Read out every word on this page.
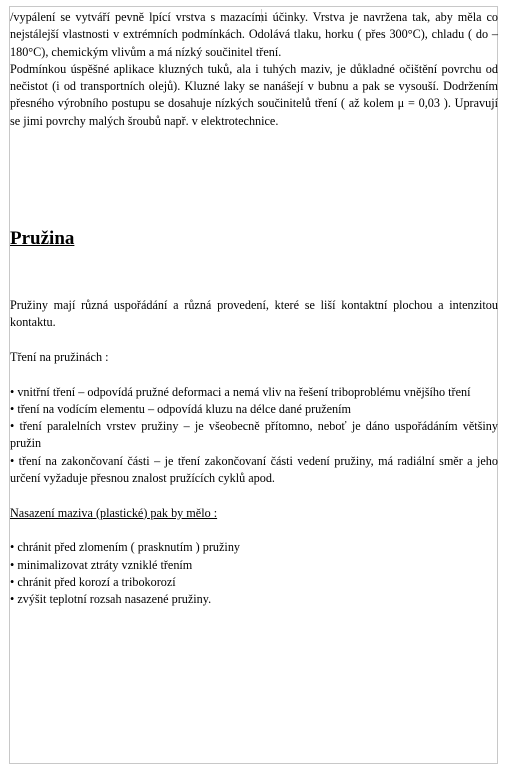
/vypálení se vytváří pevně lpící vrstva s mazacími účinky. Vrstva je navržena tak, aby měla co nejstálejší vlastnosti v extrémních podmínkách. Odolává tlaku, horku ( přes 300°C), chladu ( do – 180°C), chemickým vlivům a má nízký součinitel tření.

Podmínkou úspěšné aplikace kluzných tuků, ala i tuhých maziv, je důkladné očištění povrchu od nečistot (i od transportních olejů). Kluzné laky se nanášejí v bubnu a pak se vysouší. Dodržením přesného výrobního postupu se dosahuje nízkých součinitelů tření ( až kolem μ = 0,03 ). Upravují se jimi povrchy malých šroubů např. v elektrotechnice.

Pružina

Pružiny mají různá uspořádání a různá provedení, které se liší kontaktní plochou a intenzitou kontaktu.

Tření na pružinách :

• vnitřní tření – odpovídá pružné deformaci a nemá vliv na řešení triboproblému vnějšího tření

• tření na vodícím elementu – odpovídá kluzu na délce dané pružením

• tření paralelních vrstev pružiny – je všeobecně přítomno, neboť je dáno uspořádáním většiny pružin

• tření na zakončovaní části – je tření zakončovaní části vedení pružiny, má radiální směr a jeho určení vyžaduje přesnou znalost pružících cyklů apod.

Nasazení maziva (plastické) pak by mělo :

• chránit před zlomením ( prasknutím ) pružiny

• minimalizovat ztráty vzniklé třením

• chránit před korozí a tribokorozí

• zvýšit teplotní rozsah nasazené pružiny.
